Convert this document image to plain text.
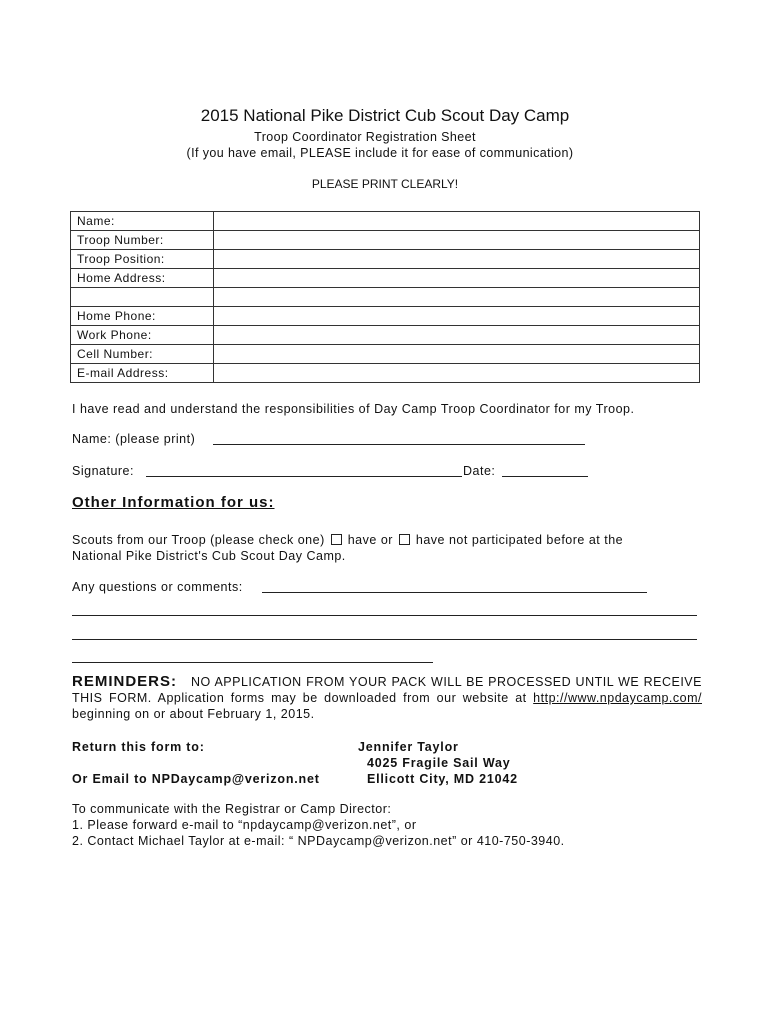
2015 National Pike District Cub Scout Day Camp
Troop Coordinator Registration Sheet
(If you have email, PLEASE include it for ease of communication)
PLEASE PRINT CLEARLY!
Name:	
Troop Number:	
Troop Position:	
Home Address:	

Home Phone:	
Work Phone:	
Cell Number:	
E-mail Address:	
I have read and understand the responsibilities of Day Camp Troop Coordinator for my Troop.
Name: (please print)
Signature:	Date:
Other Information for us:
Scouts from our Troop (please check one) have or have not participated before at the
National Pike District's Cub Scout Day Camp.
Any questions or comments:
REMINDERS: NO APPLICATION FROM YOUR PACK WILL BE PROCESSED UNTIL WE RECEIVE THIS FORM. Application forms may be downloaded from our website at http://www.npdaycamp.com/ beginning on or about February 1, 2015.
Return this form to:	Jennifer Taylor
4025 Fragile Sail Way
Or Email to NPDaycamp@verizon.net	Ellicott City, MD 21042
To communicate with the Registrar or Camp Director:
1. Please forward e-mail to “npdaycamp@verizon.net”, or
2. Contact Michael Taylor at e-mail: “ NPDaycamp@verizon.net” or 410-750-3940.
